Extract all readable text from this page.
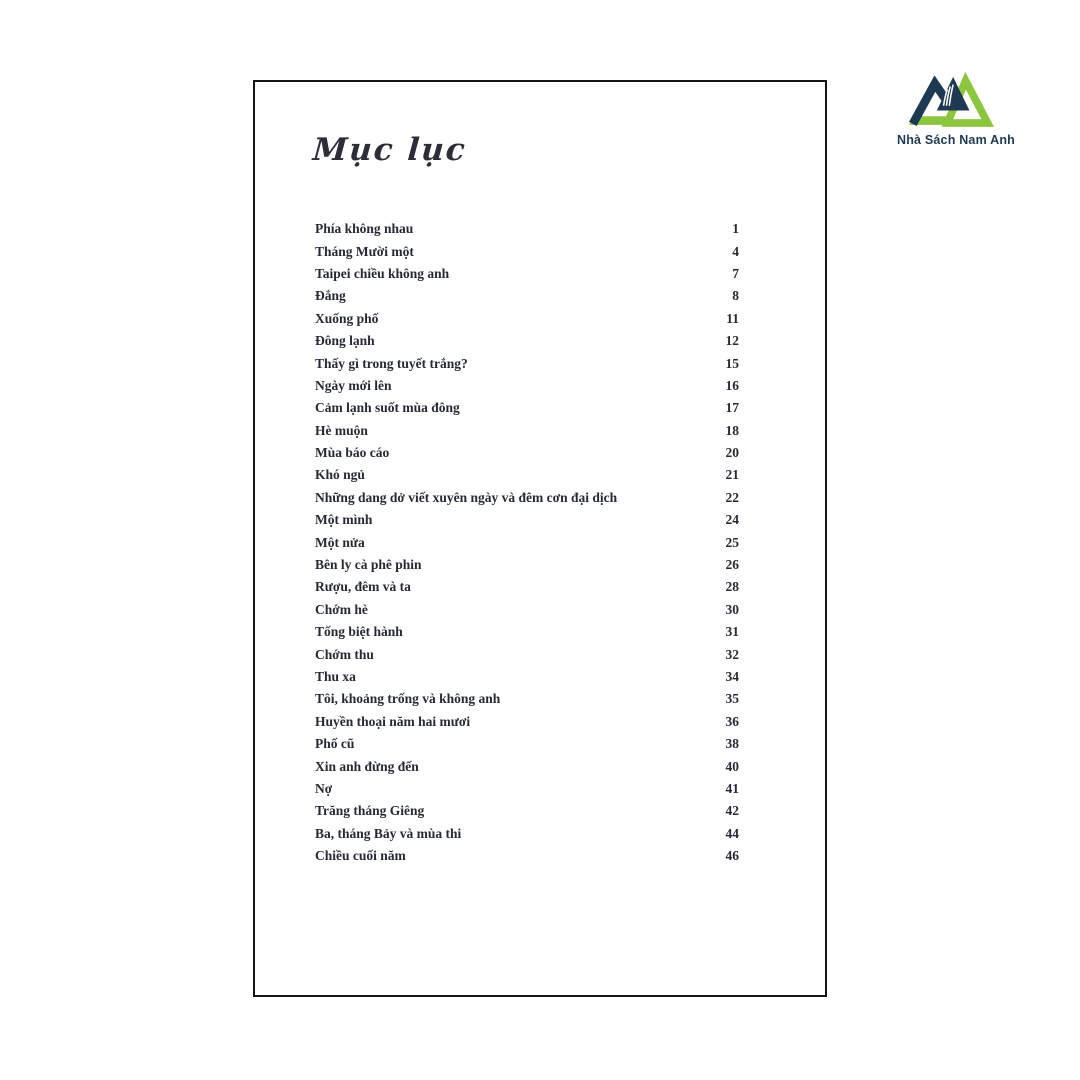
Nhà Sách Nam Anh
Mục lục
Phía không nhau	1
Tháng Mười một	4
Taipei chiều không anh	7
Đắng	8
Xuống phố	11
Đông lạnh	12
Thấy gì trong tuyết trắng?	15
Ngày mới lên	16
Cảm lạnh suốt mùa đông	17
Hè muộn	18
Mùa báo cáo	20
Khó ngủ	21
Những dang dở viết xuyên ngày và đêm cơn đại dịch	22
Một mình	24
Một nửa	25
Bên ly cà phê phin	26
Rượu, đêm và ta	28
Chớm hè	30
Tống biệt hành	31
Chớm thu	32
Thu xa	34
Tôi, khoảng trống và không anh	35
Huyền thoại năm hai mươi	36
Phố cũ	38
Xin anh đừng đến	40
Nợ	41
Trăng tháng Giêng	42
Ba, tháng Bảy và mùa thi	44
Chiều cuối năm	46
